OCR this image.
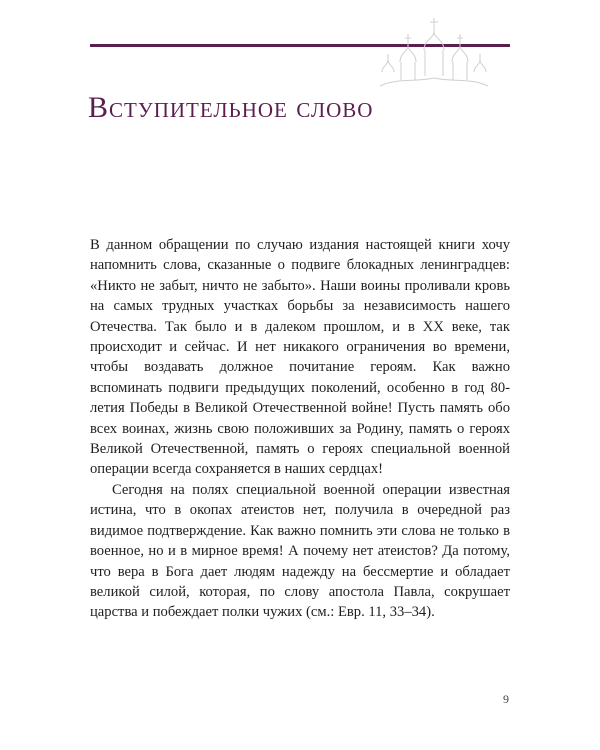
Вступительное слово

В данном обращении по случаю издания настоящей книги хочу напомнить слова, сказанные о подвиге блокадных ленинградцев: «Никто не забыт, ничто не забыто». Наши воины проливали кровь на самых трудных участках борьбы за независимость нашего Отечества. Так было и в далеком прошлом, и в XX веке, так происходит и сейчас. И нет никакого ограничения во времени, чтобы воздавать должное почитание героям. Как важно вспоминать подвиги предыдущих поколений, особенно в год 80-летия Победы в Великой Отечественной войне! Пусть память обо всех воинах, жизнь свою положивших за Родину, память о героях Великой Отечественной, память о героях специальной военной операции всегда сохраняется в наших сердцах!

Сегодня на полях специальной военной операции известная истина, что в окопах атеистов нет, получила в очередной раз видимое подтверждение. Как важно помнить эти слова не только в военное, но и в мирное время! А почему нет атеистов? Да потому, что вера в Бога дает людям надежду на бессмертие и обладает великой силой, которая, по слову апостола Павла, сокрушает царства и побеждает полки чужих (см.: Евр. 11, 33–34).

9
